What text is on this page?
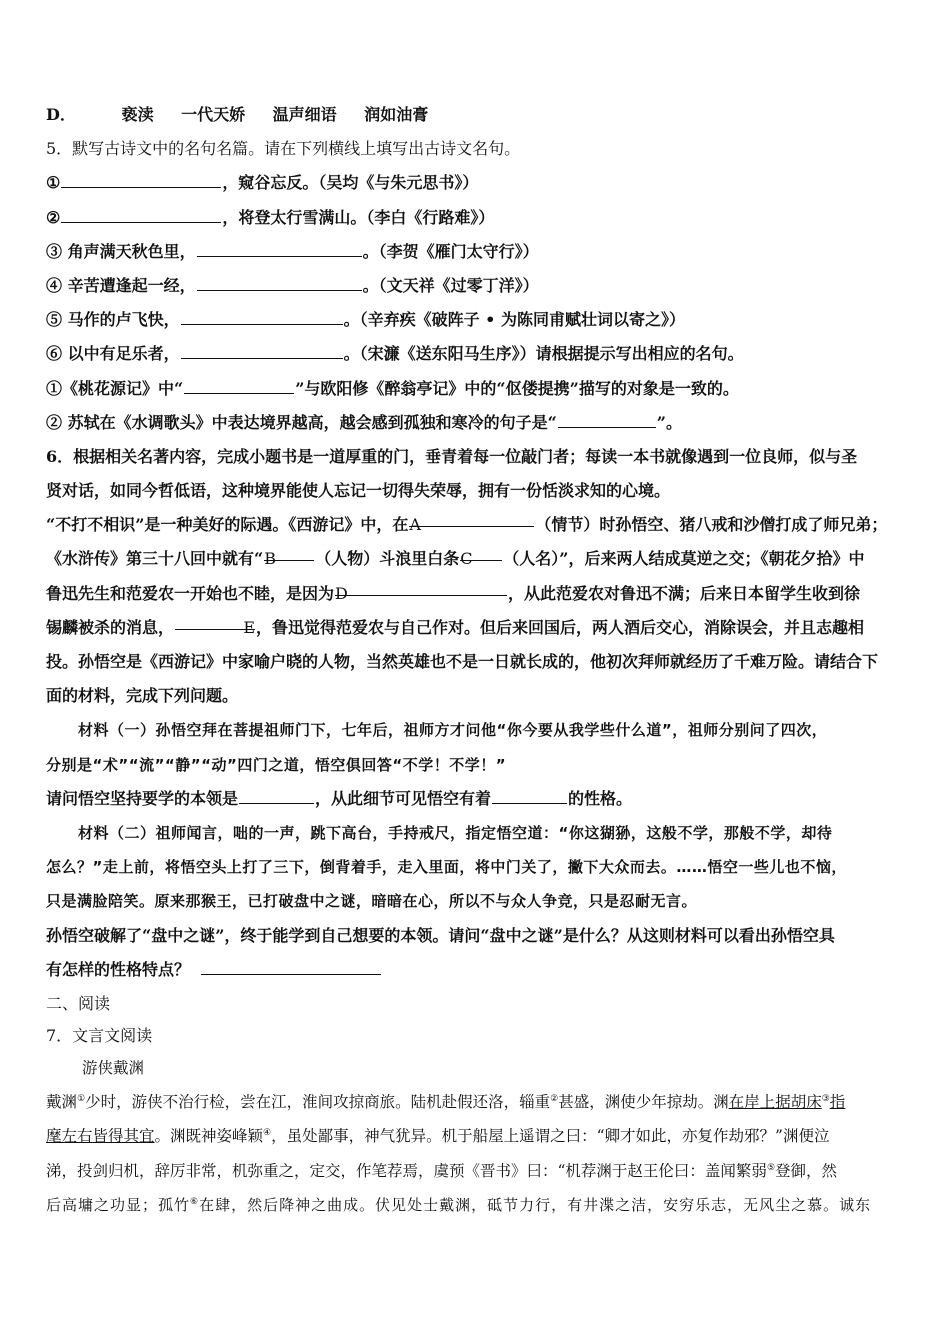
D．	亵渎 一代天娇 温声细语 润如油膏
5．默写古诗文中的名句名篇。请在下列横线上填写出古诗文名句。
①	，窥谷忘反。（吴均《与朱元思书》）
②	，将登太行雪满山。（李白《行路难》）
③ 角声满天秋色里，	。（李贺《雁门太守行》）
④ 辛苦遭逢起一经，	。（文天祥《过零丁洋》）
⑤ 马作的卢飞快，	。（辛弃疾《破阵子 • 为陈同甫赋壮词以寄之》）
⑥ 以中有足乐者，	。（宋濂《送东阳马生序》）请根据提示写出相应的名句。
①《桃花源记》中“	”与欧阳修《醉翁亭记》中的“伛偻提携”描写的对象是一致的。
② 苏轼在《水调歌头》中表达境界越高，越会感到孤独和寒冷的句子是“	”。
6．根据相关名著内容，完成小题书是一道厚重的门，垂青着每一位敲门者；每读一本书就像遇到一位良师，似与圣
贤对话，如同今哲低语，这种境界能使人忘记一切得失荣辱，拥有一份恬淡求知的心境。
“不打不相识”是一种美好的际遇。《西游记》中，在A	（情节）时孙悟空、猪八戒和沙僧打成了师兄弟；
《水浒传》第三十八回中就有“B （人物）斗浪里白条C （人名）”，后来两人结成莫逆之交；《朝花夕拾》中
鲁迅先生和范爱农一开始也不睦，是因为D	，从此范爱农对鲁迅不满；后来日本留学生收到徐
锡麟被杀的消息，	E，鲁迅觉得范爱农与自己作对。但后来回国后，两人酒后交心，消除误会，并且志趣相
投。孙悟空是《西游记》中家喻户晓的人物，当然英雄也不是一日就长成的，他初次拜师就经历了千难万险。请结合下
面的材料，完成下列问题。
材料（一）孙悟空拜在菩提祖师门下，七年后，祖师方才问他“你今要从我学些什么道”，祖师分别问了四次，
分别是“术”“流”“静”“动”四门之道，悟空俱回答“不学！不学！”
请问悟空坚持要学的本领是	，从此细节可见悟空有着	的性格。
材料（二）祖师闻言，咄的一声，跳下高台，手持戒尺，指定悟空道：“你这猢狲，这般不学，那般不学，却待
怎么？”走上前，将悟空头上打了三下，倒背着手，走入里面，将中门关了，撇下大众而去。……悟空一些儿也不恼，
只是满脸陪笑。原来那猴王，已打破盘中之谜，暗暗在心，所以不与众人争竞，只是忍耐无言。
孙悟空破解了“盘中之谜”，终于能学到自己想要的本领。请问“盘中之谜”是什么？从这则材料可以看出孙悟空具
有怎样的性格特点？
二、阅读
7．文言文阅读
游侠戴渊
戴渊①少时，游侠不治行检，尝在江，淮间攻掠商旅。陆机赴假还洛，辎重②甚盛，渊使少年掠劫。渊在岸上据胡床③指
麾左右皆得其宜。渊既神姿峰颖④，虽处鄙事，神气犹异。机于船屋上遥谓之曰：“卿才如此，亦复作劫邪？”渊便泣
涕，投剑归机，辞厉非常，机弥重之，定交，作笔荐焉，虞预《晋书》曰：“机荐渊于赵王伦曰：盖闻繁弱⑤登御，然
后高墉之功显；孤竹⑥在肆，然后降神之曲成。伏见处士戴渊，砥节力行，有井渫之洁，安穷乐志，无风尘之慕。诚东
